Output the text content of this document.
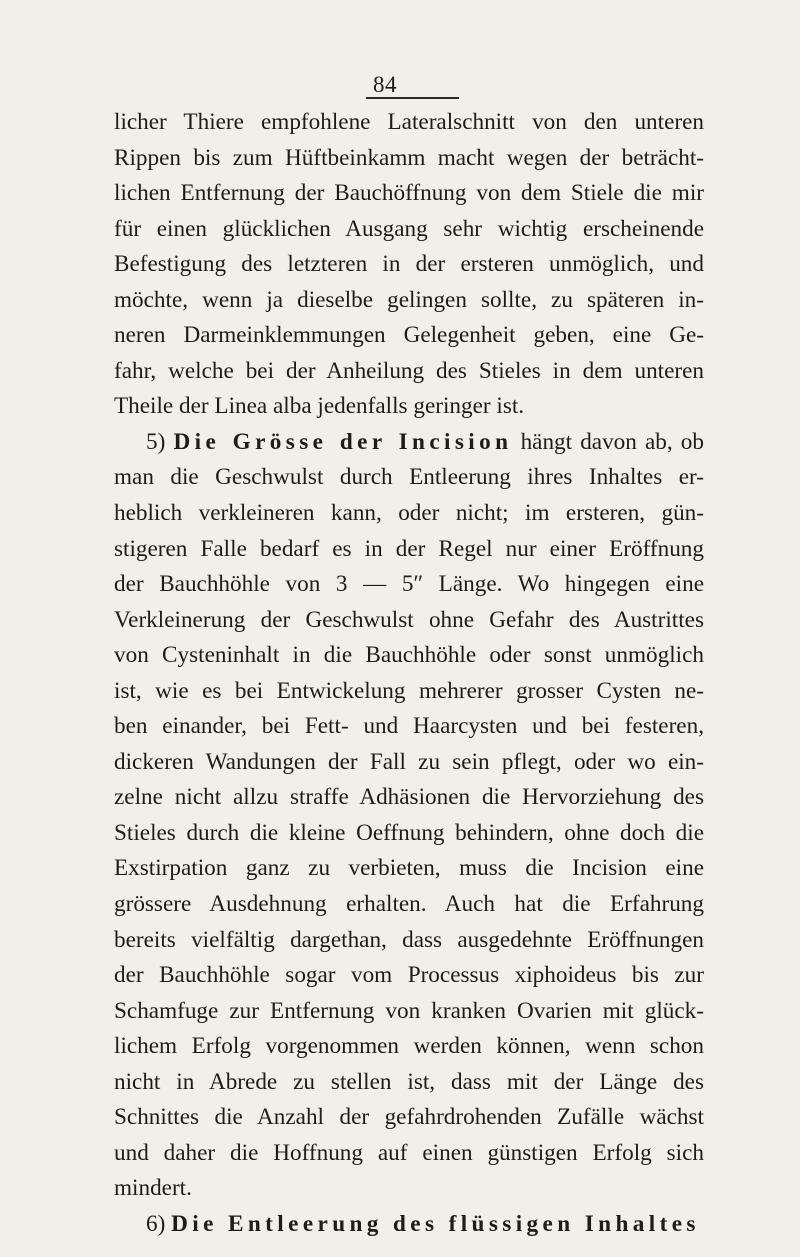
84
licher Thiere empfohlene Lateralschnitt von den unteren
Rippen bis zum Hüftbeinkamm macht wegen der beträcht-
lichen Entfernung der Bauchöffnung von dem Stiele die mir
für einen glücklichen Ausgang sehr wichtig erscheinende
Befestigung des letzteren in der ersteren unmöglich, und
möchte, wenn ja dieselbe gelingen sollte, zu späteren in-
neren Darmeinklemmungen Gelegenheit geben, eine Ge-
fahr, welche bei der Anheilung des Stieles in dem unteren
Theile der Linea alba jedenfalls geringer ist.
5) Die Grösse der Incision hängt davon ab, ob
man die Geschwulst durch Entleerung ihres Inhaltes er-
heblich verkleineren kann, oder nicht; im ersteren, gün-
stigeren Falle bedarf es in der Regel nur einer Eröffnung
der Bauchhöhle von 3 — 5″ Länge. Wo hingegen eine
Verkleinerung der Geschwulst ohne Gefahr des Austrittes
von Cysteninhalt in die Bauchhöhle oder sonst unmöglich
ist, wie es bei Entwickelung mehrerer grosser Cysten ne-
ben einander, bei Fett- und Haarcysten und bei festeren,
dickeren Wandungen der Fall zu sein pflegt, oder wo ein-
zelne nicht allzu straffe Adhäsionen die Hervorziehung des
Stieles durch die kleine Oeffnung behindern, ohne doch die
Exstirpation ganz zu verbieten, muss die Incision eine
grössere Ausdehnung erhalten. Auch hat die Erfahrung
bereits vielfältig dargethan, dass ausgedehnte Eröffnungen
der Bauchhöhle sogar vom Processus xiphoideus bis zur
Schamfuge zur Entfernung von kranken Ovarien mit glück-
lichem Erfolg vorgenommen werden können, wenn schon
nicht in Abrede zu stellen ist, dass mit der Länge des
Schnittes die Anzahl der gefahrdrohenden Zufälle wächst
und daher die Hoffnung auf einen günstigen Erfolg sich
mindert.
6) Die Entleerung des flüssigen Inhaltes
